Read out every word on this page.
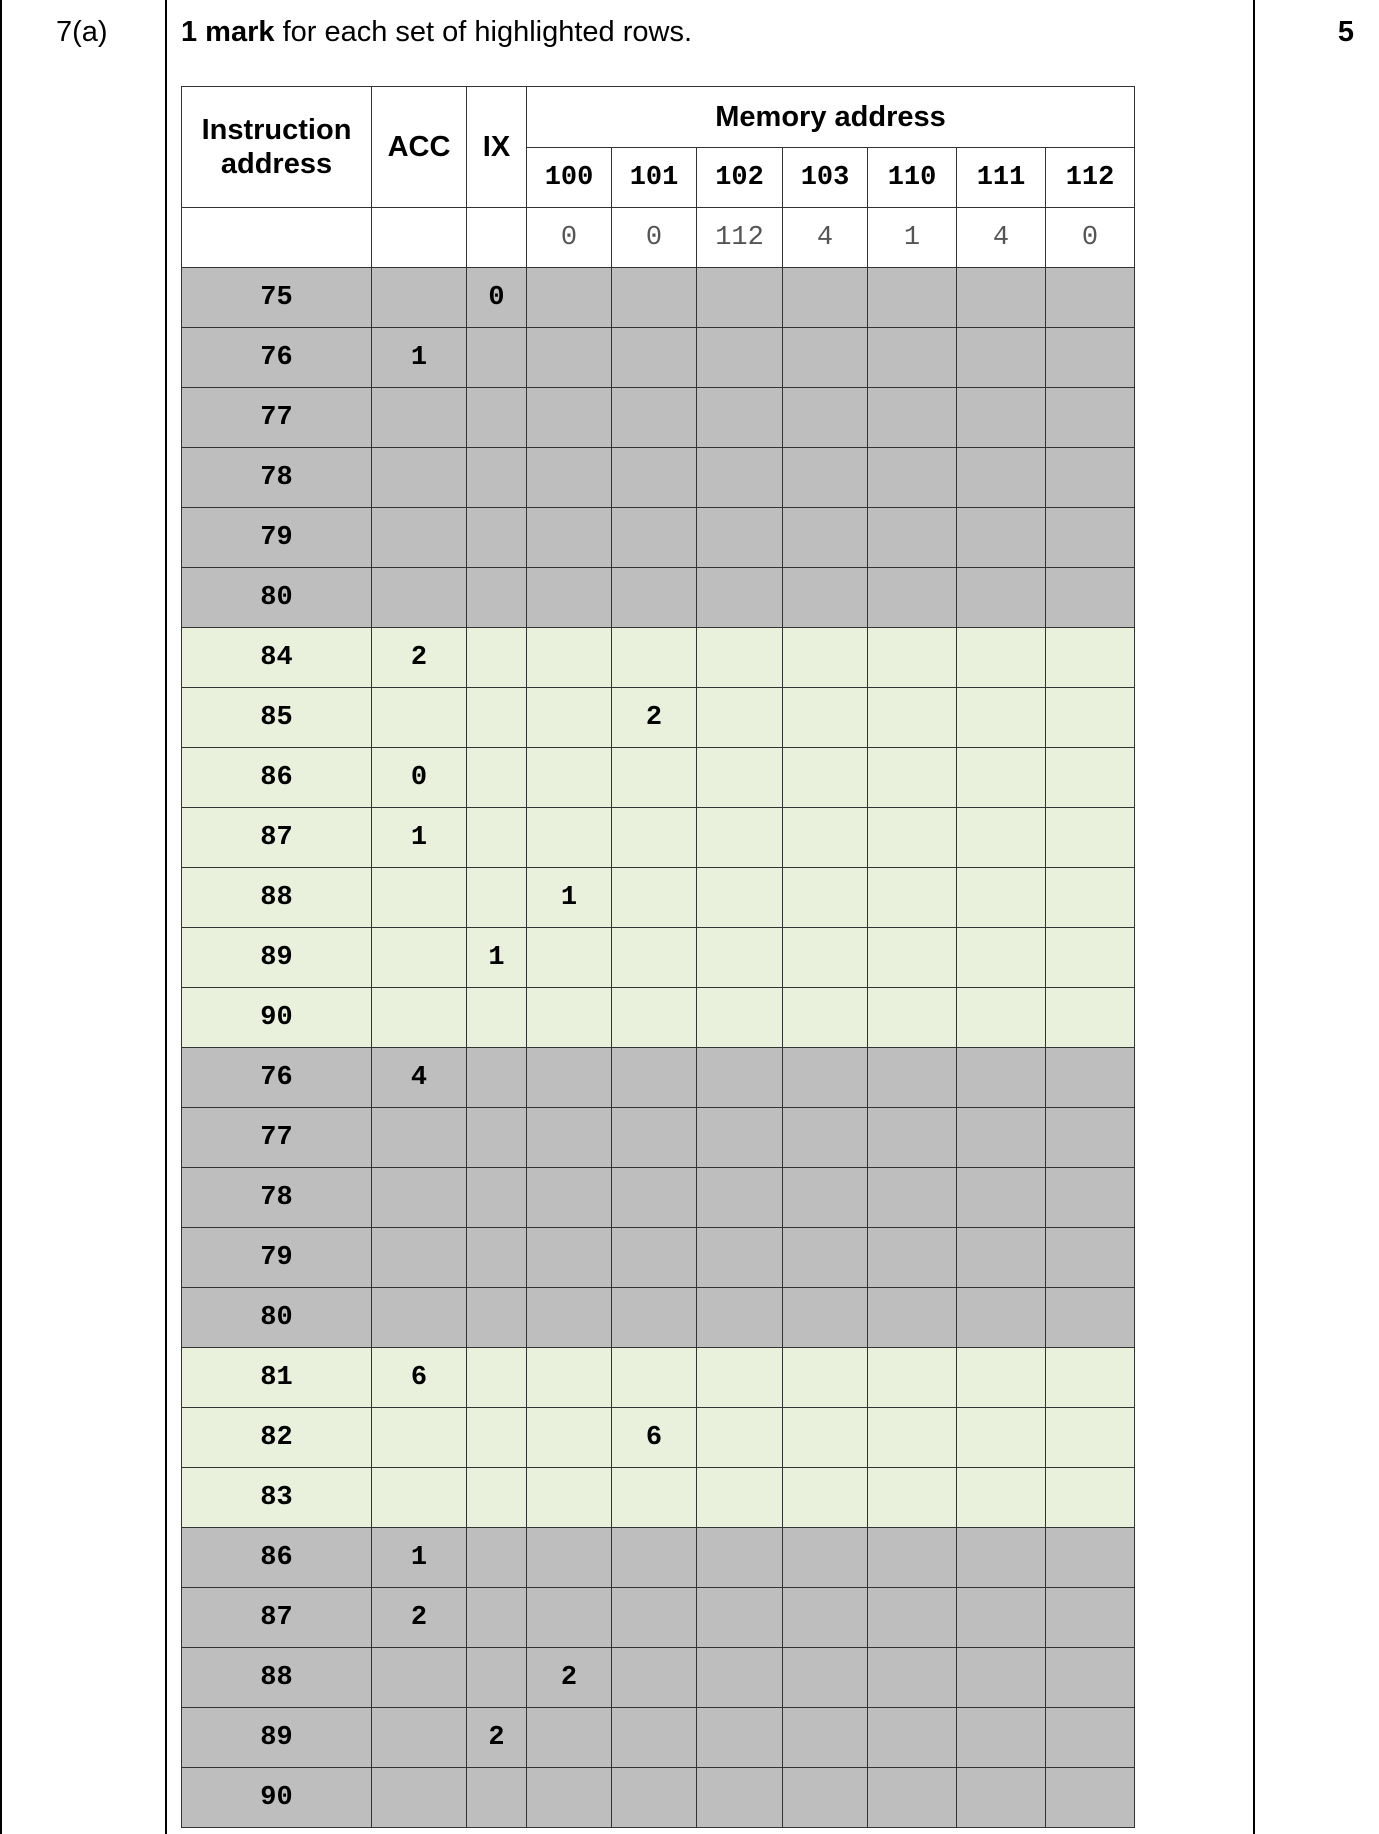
7(a)	5
1 mark for each set of highlighted rows.
Instruction address	ACC	IX	Memory address						
			100	101	102	103	110	111	112
			0	0	112	4	1	4	0
75		0							
76	1								
77									
78									
79									
80									
84	2								
85				2					
86	0								
87	1								
88			1						
89		1							
90									
76	4								
77									
78									
79									
80									
81	6								
82				6					
83									
86	1								
87	2								
88			2						
89		2							
90									
